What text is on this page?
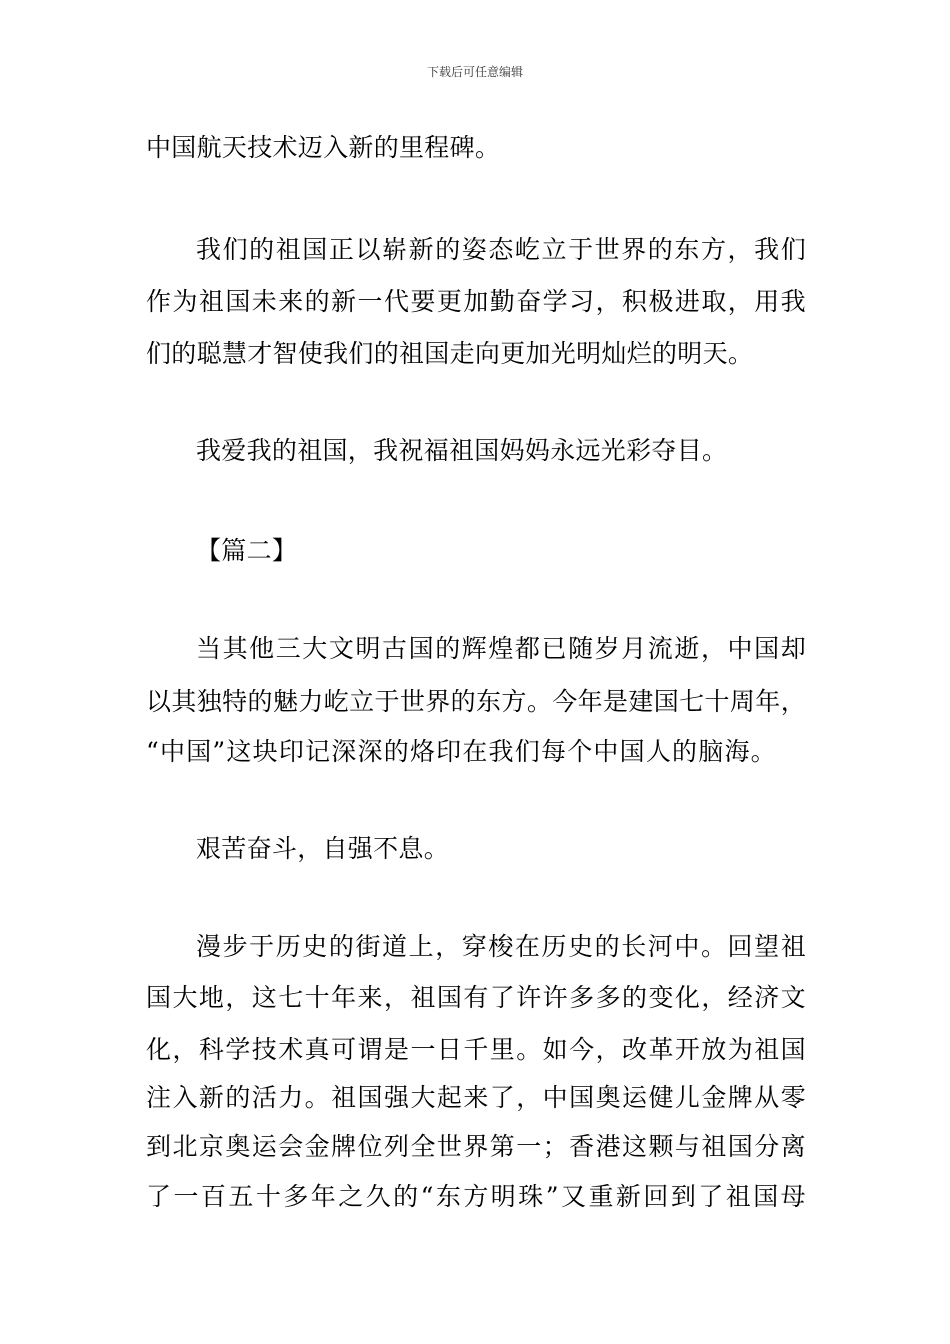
下载后可任意编辑
中国航天技术迈入新的里程碑。
我们的祖国正以崭新的姿态屹立于世界的东方，我们
作为祖国未来的新一代要更加勤奋学习，积极进取，用我
们的聪慧才智使我们的祖国走向更加光明灿烂的明天。
我爱我的祖国，我祝福祖国妈妈永远光彩夺目。
【篇二】
当其他三大文明古国的辉煌都已随岁月流逝，中国却
以其独特的魅力屹立于世界的东方。今年是建国七十周年，
“中国”这块印记深深的烙印在我们每个中国人的脑海。
艰苦奋斗，自强不息。
漫步于历史的街道上，穿梭在历史的长河中。回望祖
国大地，这七十年来，祖国有了许许多多的变化，经济文
化，科学技术真可谓是一日千里。如今，改革开放为祖国
注入新的活力。祖国强大起来了，中国奥运健儿金牌从零
到北京奥运会金牌位列全世界第一；香港这颗与祖国分离
了一百五十多年之久的“东方明珠”又重新回到了祖国母
